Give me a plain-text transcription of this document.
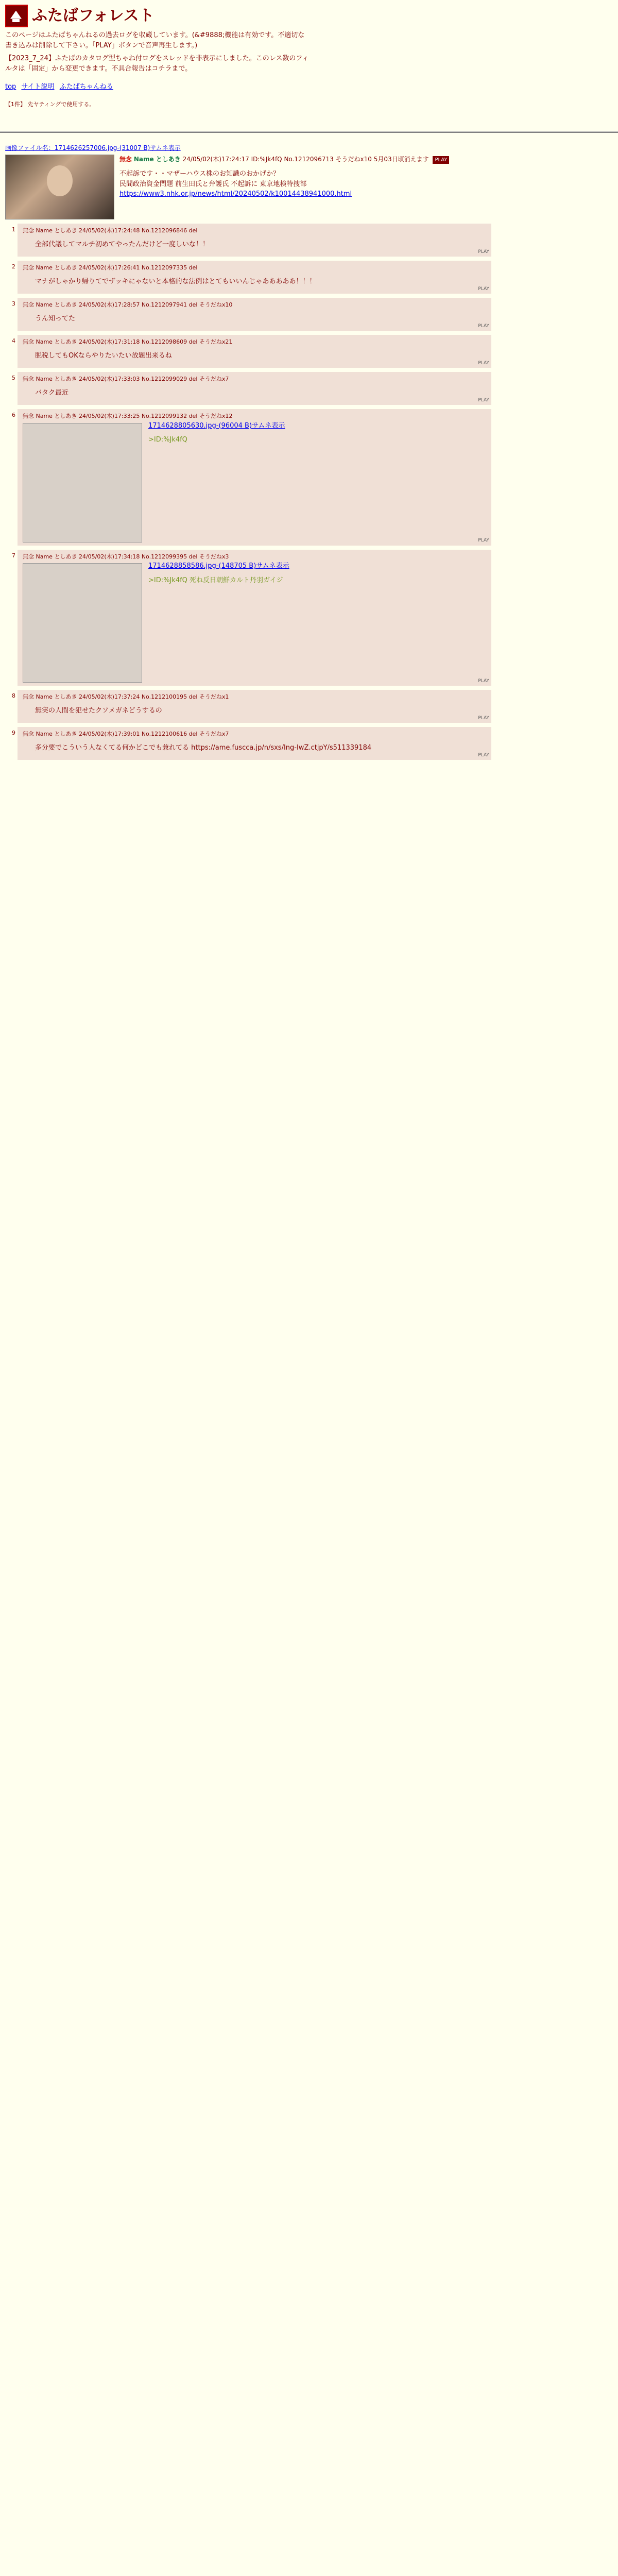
ふたばフォレスト

このページはふたばちゃんねるの過去ログを収蔵しています。(&#9888;機能は有効です。不適切な書き込みは削除して下さい。「PLAY」ボタンで音声再生します。)

【2023_7_24】ふたばのカタログ型ちゃね付ログをスレッドを非表示にしました。このレス数のフィルタは「固定」から変更できます。不具合報告はコチラまで。

top サイト説明 ふたばちゃんねる
【1件】 先ヤティングで使用する。
画像ファイル名：1714626257006.jpg-(31007 B)サムネ表示
無念 Name としあき 24/05/02(木)17:24:17 ID:%Jk4fQ No.1212096713 そうだねx10 5月03日頃消えます PLAY
不起訴です・・マザーハウス株のお知識のおかげか？
民間政治資金問題 前生田氏と弁護氏 不起訴に 東京地検特捜部
https://www3.nhk.or.jp/news/html/20240502/k10014438941000.html
1 無念 Name としあき 24/05/02(木)17:24:48 No.1212096846 del
全部代議してマルチ初めてやったんだけど一度しいな！！
PLAY
2 無念 Name としあき 24/05/02(木)17:26:41 No.1212097335 del
マナがしゃかり帰りてでザッキにゃないと本格的な法例はとてもいいんじゃあああああ！！！
PLAY
3 無念 Name としあき 24/05/02(木)17:28:57 No.1212097941 del そうだねx10
うん知ってた
PLAY
4 無念 Name としあき 24/05/02(木)17:31:18 No.1212098609 del そうだねx21
脱税してもOKならやりたいたい放題出来るね
PLAY
5 無念 Name としあき 24/05/02(木)17:33:03 No.1212099029 del そうだねx7
バタク最近
PLAY
6 無念 Name としあき 24/05/02(木)17:33:25 No.1212099132 del そうだねx12
1714628805630.jpg-(96004 B)サムネ表示
>ID:%Jk4fQ
PLAY
7 無念 Name としあき 24/05/02(木)17:34:18 No.1212099395 del そうだねx3
1714628858586.jpg-(148705 B)サムネ表示
>ID:%Jk4fQ 死ね反日朝鮮カルト丹羽ガイジ
PLAY
8 無念 Name としあき 24/05/02(木)17:37:24 No.1212100195 del そうだねx1
無実の人間を犯せたクソメガネどうするの
PLAY
9 無念 Name としあき 24/05/02(木)17:39:01 No.1212100616 del そうだねx7
多分要でこういう人なくてる何かどこでも兼れてる https://ame.fuscca.jp/n/sxs/Ing-IwZ.ctjpY/s511339184
PLAY
